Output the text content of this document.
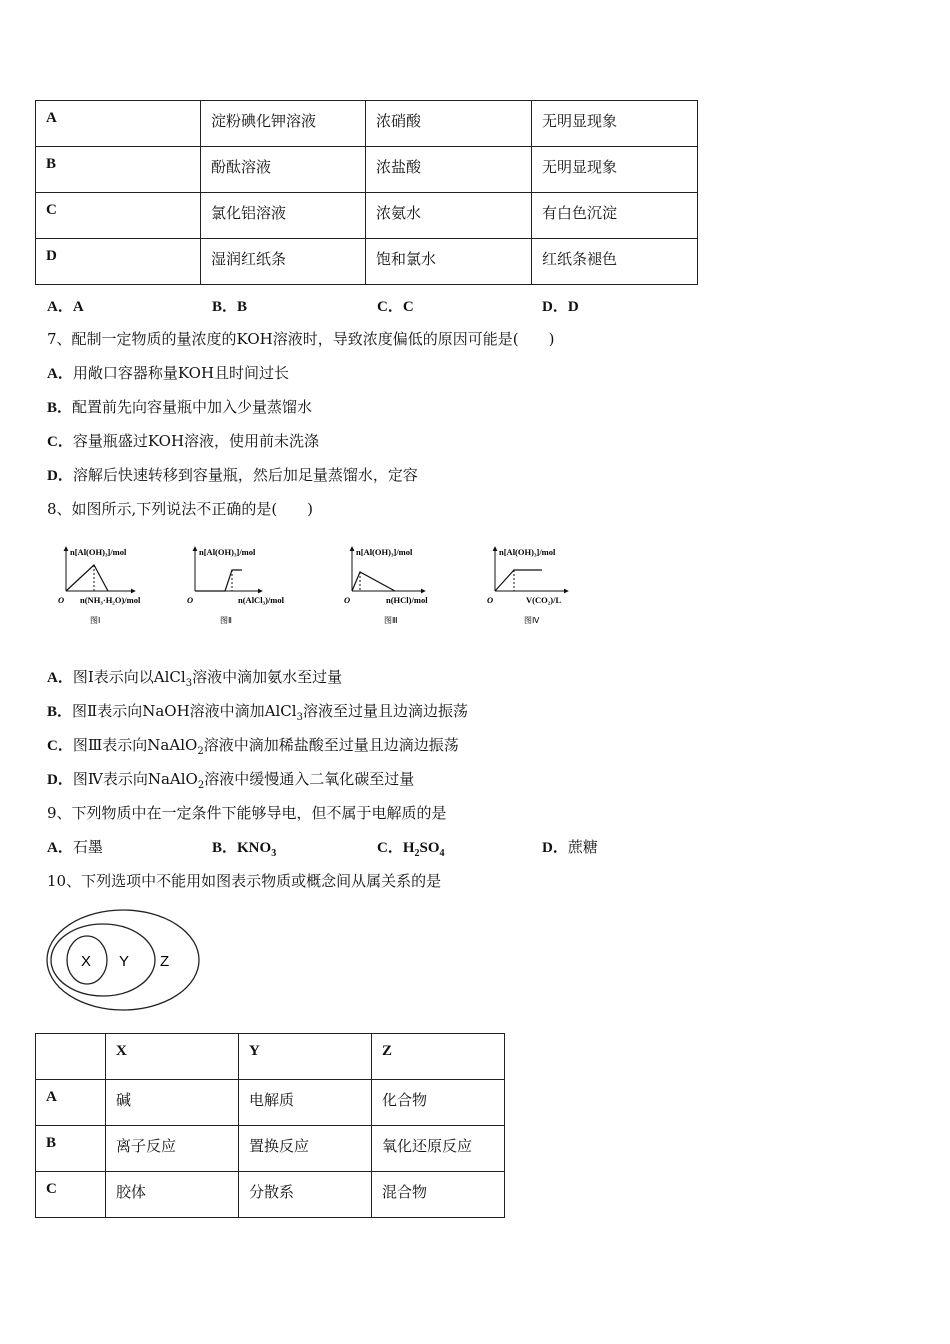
A	淀粉碘化钾溶液	浓硝酸	无明显现象
B	酚酞溶液	浓盐酸	无明显现象
C	氯化铝溶液	浓氨水	有白色沉淀
D	湿润红纸条	饱和氯水	红纸条褪色
A．A	B．B	C．C	D．D
7、配制一定物质的量浓度的KOH溶液时，导致浓度偏低的原因可能是(　　)
A．用敞口容器称量KOH且时间过长
B．配置前先向容量瓶中加入少量蒸馏水
C．容量瓶盛过KOH溶液，使用前未洗涤
D．溶解后快速转移到容量瓶，然后加足量蒸馏水，定容
8、如图所示,下列说法不正确的是(　　)
n[Al(OH)₃]/mol
O n(NH₃·H₂O)/mol
图Ⅰ
n[Al(OH)₃]/mol
O	n(AlCl₃)/mol
图Ⅱ
n[Al(OH)₃]/mol
O	n(HCl)/mol
图Ⅲ
n[Al(OH)₃]/mol
O	V(CO₂)/L
图Ⅳ
A．图Ⅰ表示向以AlCl$_3$溶液中滴加氨水至过量
B．图Ⅱ表示向NaOH溶液中滴加AlCl$_3$溶液至过量且边滴边振荡
C．图Ⅲ表示向NaAlO$_2$溶液中滴加稀盐酸至过量且边滴边振荡
D．图Ⅳ表示向NaAlO$_2$溶液中缓慢通入二氧化碳至过量
9、下列物质中在一定条件下能够导电，但不属于电解质的是
A．石墨	B．$KNO_3$	C．$H_2SO_4$	D．蔗糖
10、下列选项中不能用如图表示物质或概念间从属关系的是
X Y Z
	X	Y	Z
A	碱	电解质	化合物
B	离子反应	置换反应	氧化还原反应
C	胶体	分散系	混合物
